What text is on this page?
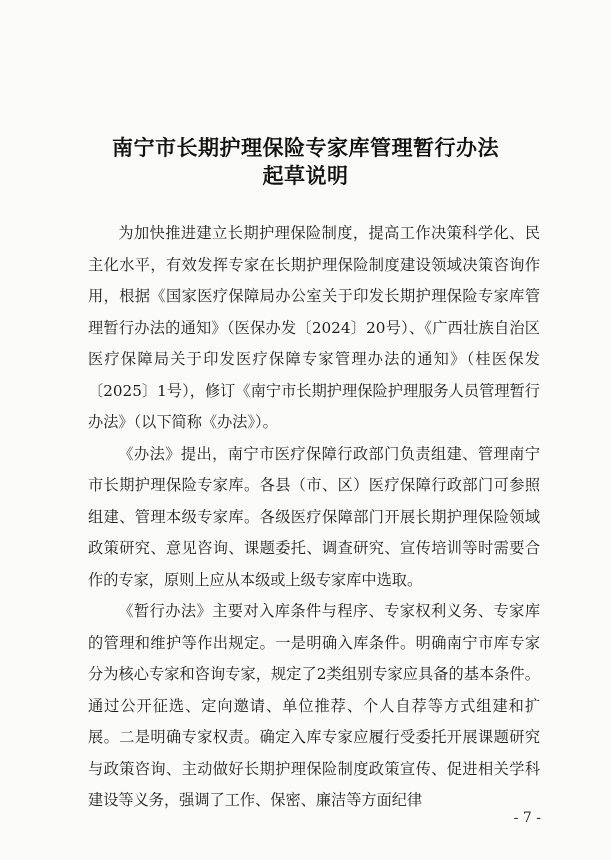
南宁市长期护理保险专家库管理暂行办法
起草说明

为加快推进建立长期护理保险制度，提高工作决策科学化、民主化水平，有效发挥专家在长期护理保险制度建设领域决策咨询作用，根据《国家医疗保障局办公室关于印发长期护理保险专家库管理暂行办法的通知》（医保办发〔2024〕20号）、《广西壮族自治区医疗保障局关于印发医疗保障专家管理办法的通知》（桂医保发〔2025〕1号），修订《南宁市长期护理保险护理服务人员管理暂行办法》（以下简称《办法》）。

《办法》提出，南宁市医疗保障行政部门负责组建、管理南宁市长期护理保险专家库。各县（市、区）医疗保障行政部门可参照组建、管理本级专家库。各级医疗保障部门开展长期护理保险领域政策研究、意见咨询、课题委托、调查研究、宣传培训等时需要合作的专家，原则上应从本级或上级专家库中选取。

《暂行办法》主要对入库条件与程序、专家权利义务、专家库的管理和维护等作出规定。一是明确入库条件。明确南宁市库专家分为核心专家和咨询专家，规定了2类组别专家应具备的基本条件。通过公开征选、定向邀请、单位推荐、个人自荐等方式组建和扩展。二是明确专家权责。确定入库专家应履行受委托开展课题研究与政策咨询、主动做好长期护理保险制度政策宣传、促进相关学科建设等义务，强调了工作、保密、廉洁等方面纪律

- 7 -
